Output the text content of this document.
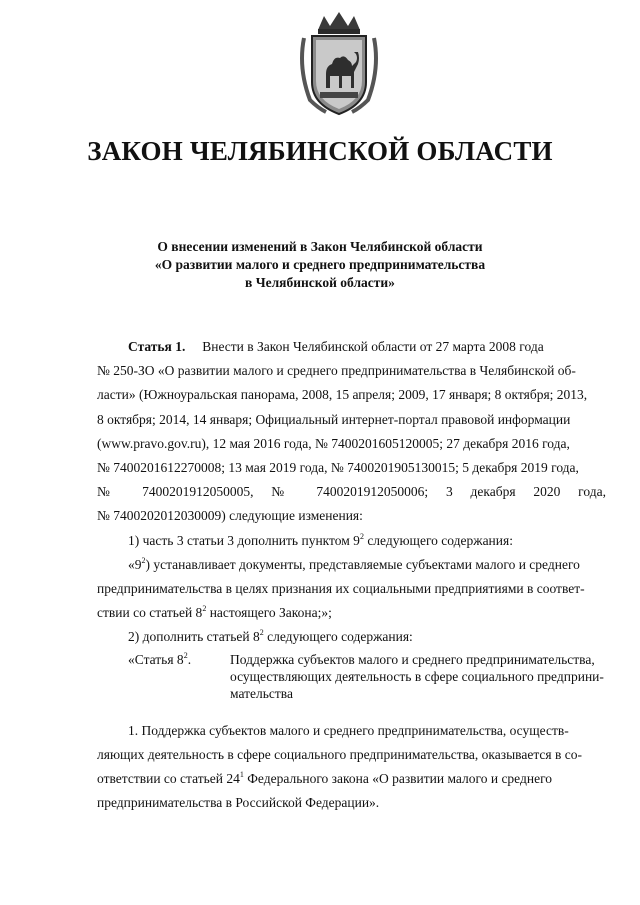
ЗАКОН ЧЕЛЯБИНСКОЙ ОБЛАСТИ
О внесении изменений в Закон Челябинской области
«О развитии малого и среднего предпринимательства
в Челябинской области»

Статья 1. Внести в Закон Челябинской области от 27 марта 2008 года

№ 250-ЗО «О развитии малого и среднего предпринимательства в Челябинской об-

ласти» (Южноуральская панорама, 2008, 15 апреля; 2009, 17 января; 8 октября; 2013,

8 октября; 2014, 14 января; Официальный интернет-портал правовой информации

(www.pravo.gov.ru), 12 мая 2016 года, № 7400201605120005; 27 декабря 2016 года,

№ 7400201612270008; 13 мая 2019 года, № 7400201905130015; 5 декабря 2019 года,

№ 7400201912050005, № 7400201912050006; 3 декабря 2020 года,

№ 7400202012030009) следующие изменения:

1) часть 3 статьи 3 дополнить пунктом $9^2$ следующего содержания:

«$9^2$) устанавливает документы, представляемые субъектами малого и среднего

предпринимательства в целях признания их социальными предприятиями в соответ-

ствии со статьей $8^2$ настоящего Закона;»;

2) дополнить статьей $8^2$ следующего содержания:

«Статья $8^2$.	Поддержка субъектов малого и среднего предпринимательства,
осуществляющих деятельность в сфере социального предприни-
мательства

1. Поддержка субъектов малого и среднего предпринимательства, осуществ-

ляющих деятельность в сфере социального предпринимательства, оказывается в со-

ответствии со статьей $24^1$ Федерального закона «О развитии малого и среднего

предпринимательства в Российской Федерации».
